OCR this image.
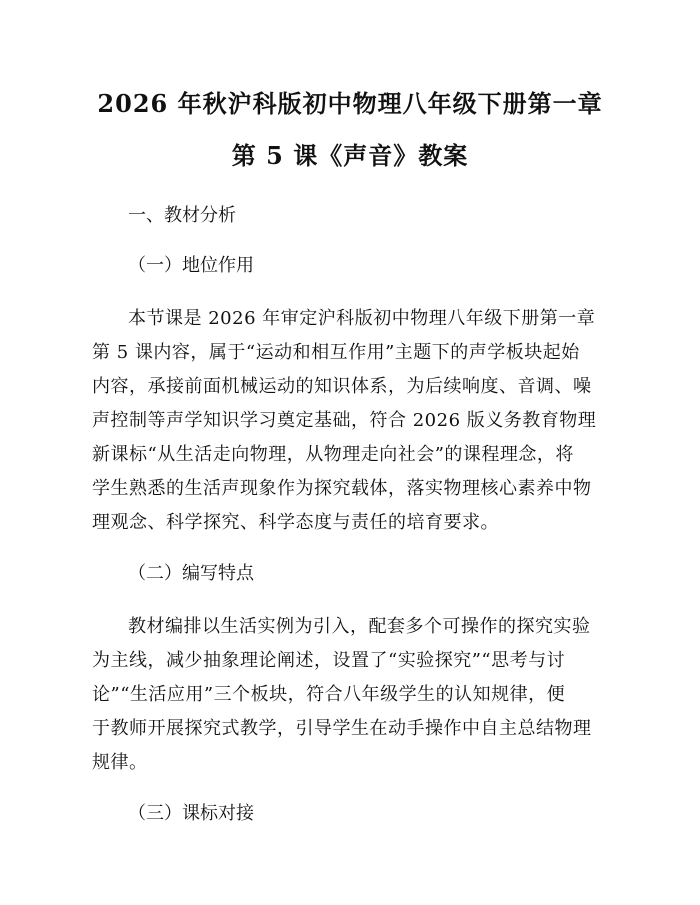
2026 年秋沪科版初中物理八年级下册第一章
第 5 课《声音》教案

一、教材分析

（一）地位作用

本节课是 2026 年审定沪科版初中物理八年级下册第一章
第 5 课内容，属于“运动和相互作用”主题下的声学板块起始
内容，承接前面机械运动的知识体系，为后续响度、音调、噪
声控制等声学知识学习奠定基础，符合 2026 版义务教育物理
新课标“从生活走向物理，从物理走向社会”的课程理念，将
学生熟悉的生活声现象作为探究载体，落实物理核心素养中物
理观念、科学探究、科学态度与责任的培育要求。

（二）编写特点

教材编排以生活实例为引入，配套多个可操作的探究实验
为主线，减少抽象理论阐述，设置了“实验探究”“思考与讨
论”“生活应用”三个板块，符合八年级学生的认知规律，便
于教师开展探究式教学，引导学生在动手操作中自主总结物理
规律。

（三）课标对接
